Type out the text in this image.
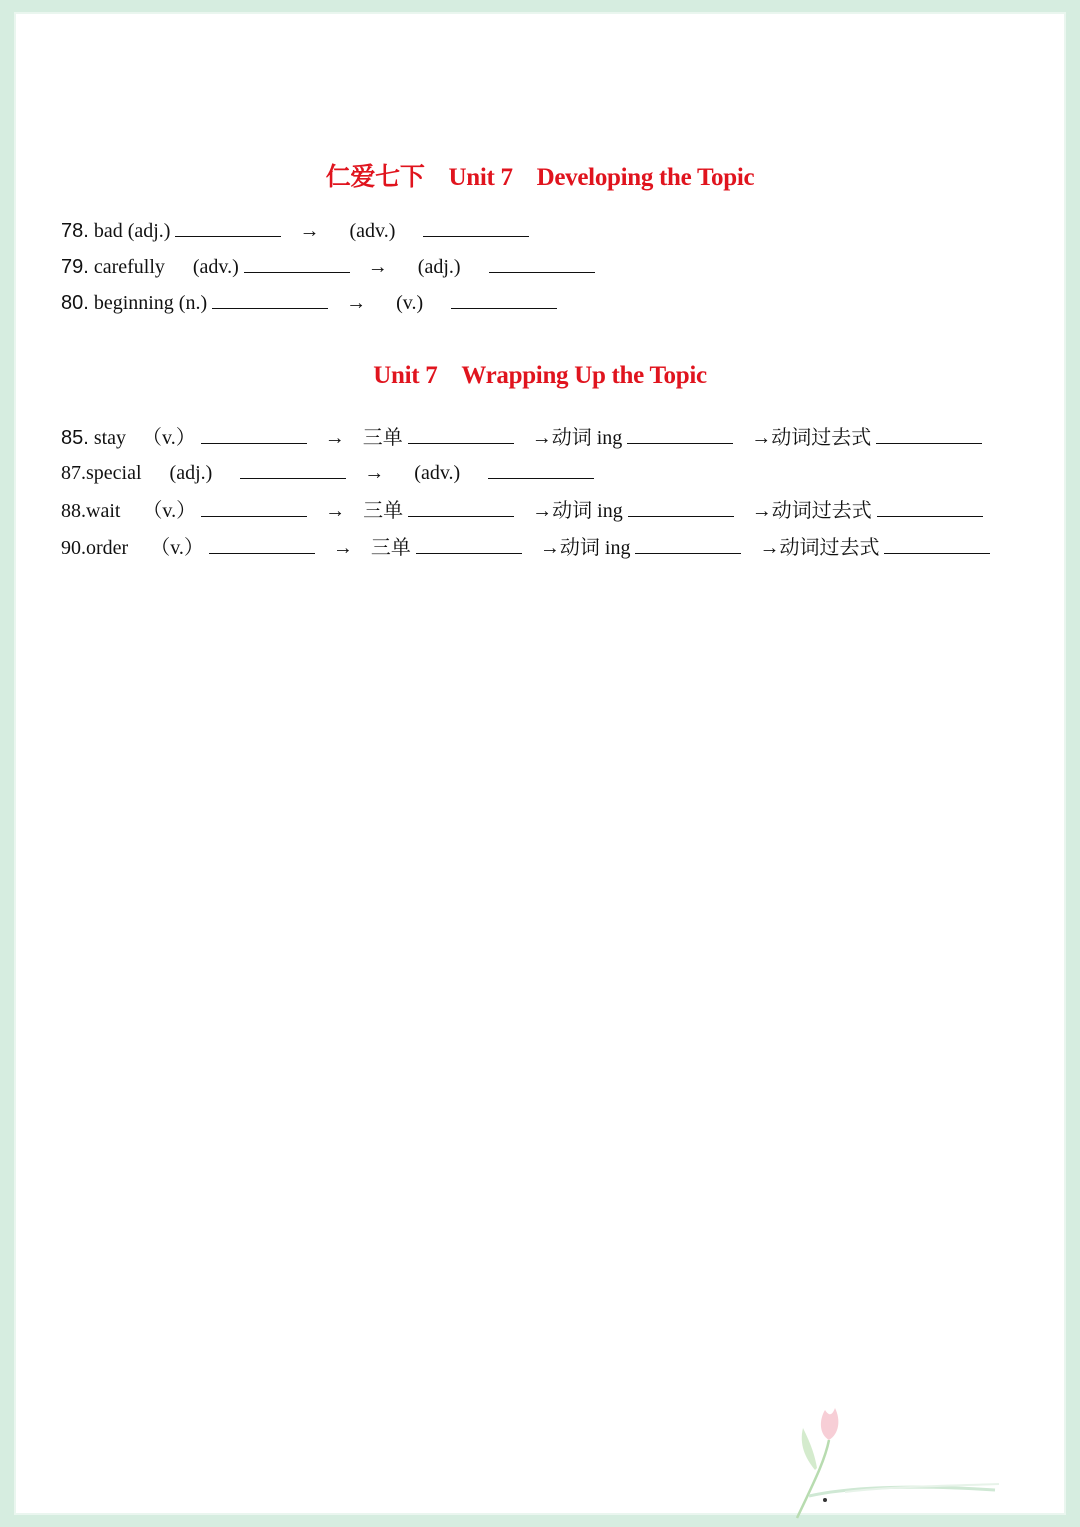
仁爱七下 Unit 7 Developing the Topic
78. bad (adj.)	→ (adv.)
79. carefully (adv.)	→ (adj.)
80. beginning (n.)	→ (v.)
Unit 7 Wrapping Up the Topic
85. stay （v.）	→ 三单	→动词 ing	→动词过去式
87.special (adj.)	→ (adv.)
88.wait （v.）	→ 三单	→动词 ing	→动词过去式
90.order （v.）	→ 三单	→动词 ing	→动词过去式
